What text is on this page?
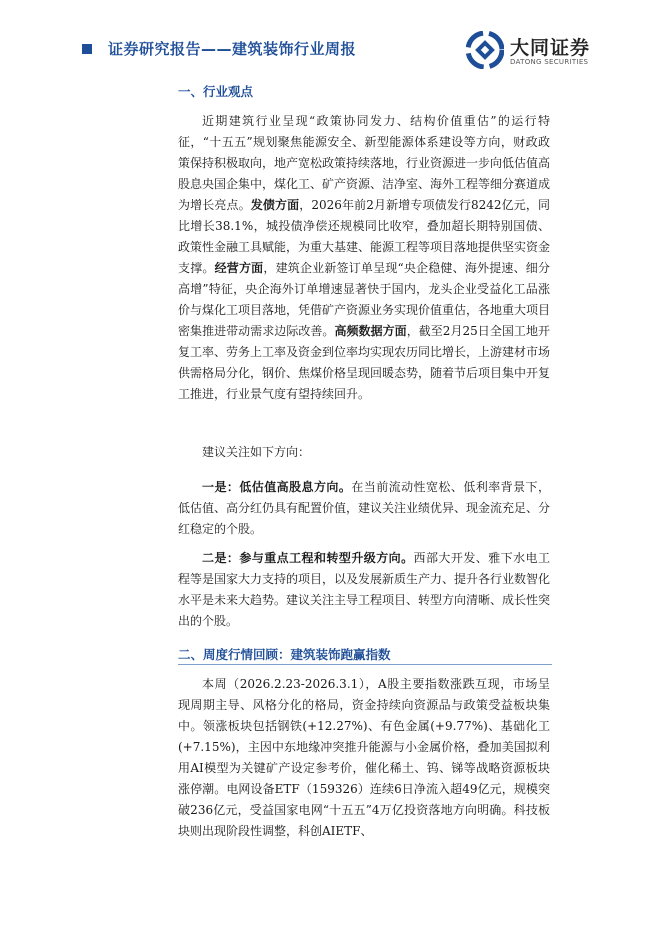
证券研究报告——建筑装饰行业周报	大同证券
DATONG SECURITIES
一、行业观点

近期建筑行业呈现“政策协同发力、结构价值重估”的运行特征，“十五五”规划聚焦能源安全、新型能源体系建设等方向，财政政策保持积极取向，地产宽松政策持续落地，行业资源进一步向低估值高股息央国企集中，煤化工、矿产资源、洁净室、海外工程等细分赛道成为增长亮点。发债方面，2026年前2月新增专项债发行8242亿元，同比增长38.1%，城投债净偿还规模同比收窄，叠加超长期特别国债、政策性金融工具赋能，为重大基建、能源工程等项目落地提供坚实资金支撑。经营方面，建筑企业新签订单呈现“央企稳健、海外提速、细分高增”特征，央企海外订单增速显著快于国内，龙头企业受益化工品涨价与煤化工项目落地，凭借矿产资源业务实现价值重估，各地重大项目密集推进带动需求边际改善。高频数据方面，截至2月25日全国工地开复工率、劳务上工率及资金到位率均实现农历同比增长，上游建材市场供需格局分化，钢价、焦煤价格呈现回暖态势，随着节后项目集中开复工推进，行业景气度有望持续回升。

建议关注如下方向：

一是：低估值高股息方向。在当前流动性宽松、低利率背景下，低估值、高分红仍具有配置价值，建议关注业绩优异、现金流充足、分红稳定的个股。

二是：参与重点工程和转型升级方向。西部大开发、雅下水电工程等是国家大力支持的项目，以及发展新质生产力、提升各行业数智化水平是未来大趋势。建议关注主导工程项目、转型方向清晰、成长性突出的个股。

二、周度行情回顾：建筑装饰跑赢指数

本周（2026.2.23-2026.3.1），A股主要指数涨跌互现，市场呈现周期主导、风格分化的格局，资金持续向资源品与政策受益板块集中。领涨板块包括钢铁(+12.27%)、有色金属(+9.77%)、基础化工(+7.15%)，主因中东地缘冲突推升能源与小金属价格，叠加美国拟利用AI模型为关键矿产设定参考价，催化稀土、钨、锑等战略资源板块涨停潮。电网设备ETF（159326）连续6日净流入超49亿元，规模突破236亿元，受益国家电网“十五五”4万亿投资落地方向明确。科技板块则出现阶段性调整，科创AIETF、
